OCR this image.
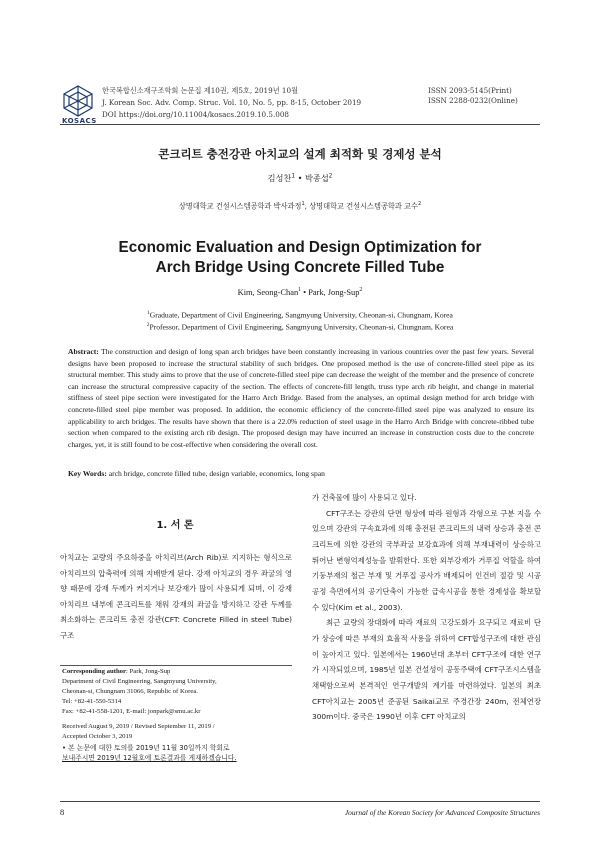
KOSACS
한국복합신소재구조학회 논문집 제10권, 제5호, 2019년 10월
J. Korean Soc. Adv. Comp. Struc. Vol. 10, No. 5, pp. 8-15, October 2019
DOI https://doi.org/10.11004/kosacs.2019.10.5.008
ISSN 2093-5145(Print)
ISSN 2288-0232(Online)
콘크리트 충전강관 아치교의 설계 최적화 및 경제성 분석
김성찬$^1$ • 박종섭$^2$
상명대학교 건설시스템공학과 박사과정$^1$, 상명대학교 건설시스템공학과 교수$^2$
Economic Evaluation and Design Optimization for
Arch Bridge Using Concrete Filled Tube
Kim, Seong-Chan$^1$ • Park, Jong-Sup$^2$
$^1$Graduate, Department of Civil Engineering, Sangmyung University, Cheonan-si, Chungnam, Korea
$^2$Professor, Department of Civil Engineering, Sangmyung University, Cheonan-si, Chungnam, Korea
Abstract: The construction and design of long span arch bridges have been constantly increasing in various countries over the past few years. Several designs have been proposed to increase the structural stability of such bridges. One proposed method is the use of concrete-filled steel pipe as its structural member. This study aims to prove that the use of concrete-filled steel pipe can decrease the weight of the member and the presence of concrete can increase the structural compressive capacity of the section. The effects of concrete-fill length, truss type arch rib height, and change in material stiffness of steel pipe section were investigated for the Harro Arch Bridge. Based from the analyses, an optimal design method for arch bridge with concrete-filled steel pipe member was proposed. In addition, the economic efficiency of the concrete-filled steel pipe was analyzed to ensure its applicability to arch bridges. The results have shown that there is a 22.0% reduction of steel usage in the Harro Arch Bridge with concrete-ribbed tube section when compared to the existing arch rib design. The proposed design may have incurred an increase in construction costs due to the concrete charges, yet, it is still found to be cost-effective when considering the overall cost.
Key Words: arch bridge, concrete filled tube, design variable, economics, long span
1. 서 론

아치교는 교량의 주요하중을 아치리브(Arch Rib)로 지지하는 형식으로 아치리브의 압축력에 의해 지배받게 된다. 강재 아치교의 경우 좌굴의 영향 때문에 강재 두께가 커지거나 보강재가 많이 사용되게 되며, 이 강재 아치리브 내부에 콘크리트를 채워 강재의 좌굴을 방지하고 강관 두께를 최소화하는 콘크리트 충전 강관(CFT: Concrete Filled in steel Tube)구조

가 건축물에 많이 사용되고 있다.

CFT구조는 강관의 단면 형상에 따라 원형과 각형으로 구분 지을 수 있으며 강관의 구속효과에 의해 충전된 콘크리트의 내력 상승과 충전 콘크리트에 의한 강관의 국부좌굴 보강효과에 의해 부재내력이 상승하고 뛰어난 변형억제성능을 발휘한다. 또한 외부강재가 거푸집 역할을 하여 기둥부재의 철근 부재 및 거푸집 공사가 배제되어 인건비 절감 및 시공공정 측면에서의 공기단축이 가능한 급속시공을 통한 경제성을 확보할 수 있다(Kim et al., 2003).

최근 교량의 장대화에 따라 재료의 고강도화가 요구되고 재료비 단가 상승에 따른 부재의 효율적 사용을 위하여 CFT합성구조에 대한 관심이 높아지고 있다. 일본에서는 1960년대 초부터 CFT구조에 대한 연구가 시작되었으며, 1985년 일본 건설성이 공동주택에 CFT구조시스템을 채택함으로써 본격적인 연구개발의 계기를 마련하였다. 일본의 최초 CFT아치교는 2005년 준공된 Saikai교로 주경간장 240m, 전체연장 300m이다. 중국은 1990년 이후 CFT 아치교의

Corresponding author: Park, Jong-Sup
Department of Civil Engineering, Sangmyung University,
Cheonan-si, Chungnam 31066, Republic of Korea.
Tel: +82-41-550-5314
Fax: +82-41-558-1201, E-mail: jonpark@smu.ac.kr
Received August 9, 2019 / Revised September 11, 2019 /
Accepted October 3, 2019
• 본 논문에 대한 토의를 2019년 11월 30일까지 학회로
보내주시면 2019년 12월호에 토론결과를 게재하겠습니다.
8	Journal of the Korean Society for Advanced Composite Structures
